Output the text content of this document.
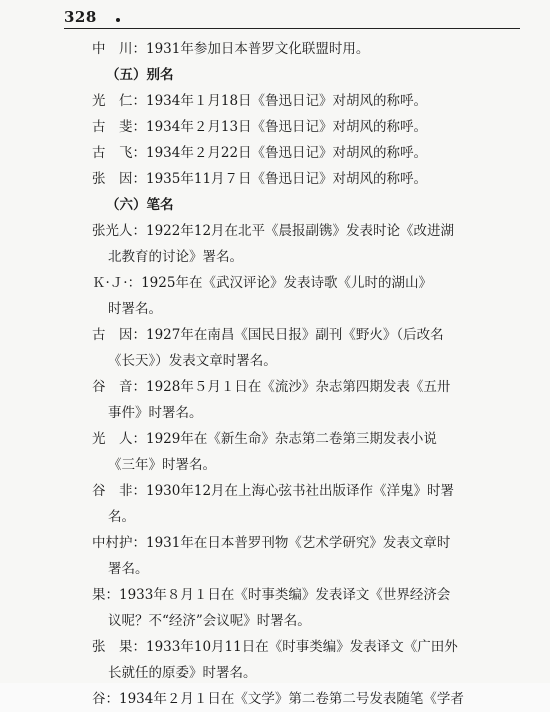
328
中　川：1931年参加日本普罗文化联盟时用。
（五）别名
光　仁：1934年１月18日《鲁迅日记》对胡风的称呼。
古　斐：1934年２月13日《鲁迅日记》对胡风的称呼。
古　飞：1934年２月22日《鲁迅日记》对胡风的称呼。
张　因：1935年11月７日《鲁迅日记》对胡风的称呼。
（六）笔名
张光人：1922年12月在北平《晨报副镌》发表时论《改进湖
北教育的讨论》署名。
Ｋ·Ｊ·：1925年在《武汉评论》发表诗歌《儿时的湖山》
时署名。
古　因：1927年在南昌《国民日报》副刊《野火》（后改名
《长天》）发表文章时署名。
谷　音：1928年５月１日在《流沙》杂志第四期发表《五卅
事件》时署名。
光　人：1929年在《新生命》杂志第二卷第三期发表小说
《三年》时署名。
谷　非：1930年12月在上海心弦书社出版译作《洋鬼》时署
名。
中村护：1931年在日本普罗刊物《艺术学研究》发表文章时
署名。
果：1933年８月１日在《时事类编》发表译文《世界经济会
议呢？不“经济”会议呢》时署名。
张　果：1933年10月11日在《时事类编》发表译文《广田外
长就任的原委》时署名。
谷：1934年２月１日在《文学》第二卷第二号发表随笔《学者
